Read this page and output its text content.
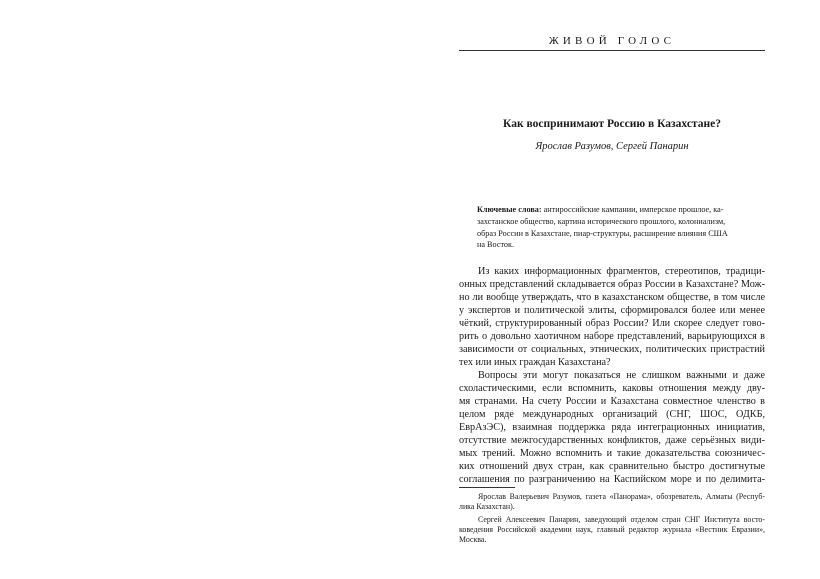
ЖИВОЙ ГОЛОС
Как воспринимают Россию в Казахстане?
Ярослав Разумов, Сергей Панарин
Ключевые слова: антироссийские кампании, имперское прошлое, ка-
захстанское общество, картина исторического прошлого, колониализм,
образ России в Казахстане, пиар-структуры, расширение влияния США
на Восток.
Из каких информационных фрагментов, стереотипов, традици-
онных представлений складывается образ России в Казахстане? Мож-
но ли вообще утверждать, что в казахстанском обществе, в том числе
у экспертов и политической элиты, сформировался более или менее
чёткий, структурированный образ России? Или скорее следует гово-
рить о довольно хаотичном наборе представлений, варьирующихся в
зависимости от социальных, этнических, политических пристрастий
тех или иных граждан Казахстана?
Вопросы эти могут показаться не слишком важными и даже
схоластическими, если вспомнить, каковы отношения между дву-
мя странами. На счету России и Казахстана совместное членство в
целом ряде международных организаций (СНГ, ШОС, ОДКБ,
ЕврАзЭС), взаимная поддержка ряда интеграционных инициатив,
отсутствие межгосударственных конфликтов, даже серьёзных види-
мых трений. Можно вспомнить и такие доказательства союзничес-
ких отношений двух стран, как сравнительно быстро достигнутые
соглашения по разграничению на Каспийском море и по делимита-
Ярослав Валерьевич Разумов, газета «Панорама», обозреватель, Алматы (Респуб-
лика Казахстан).
Сергей Алексеевич Панарин, заведующий отделом стран СНГ Института восто-
коведения Российской академии наук, главный редактор журнала «Вестник Евразии»,
Москва.
